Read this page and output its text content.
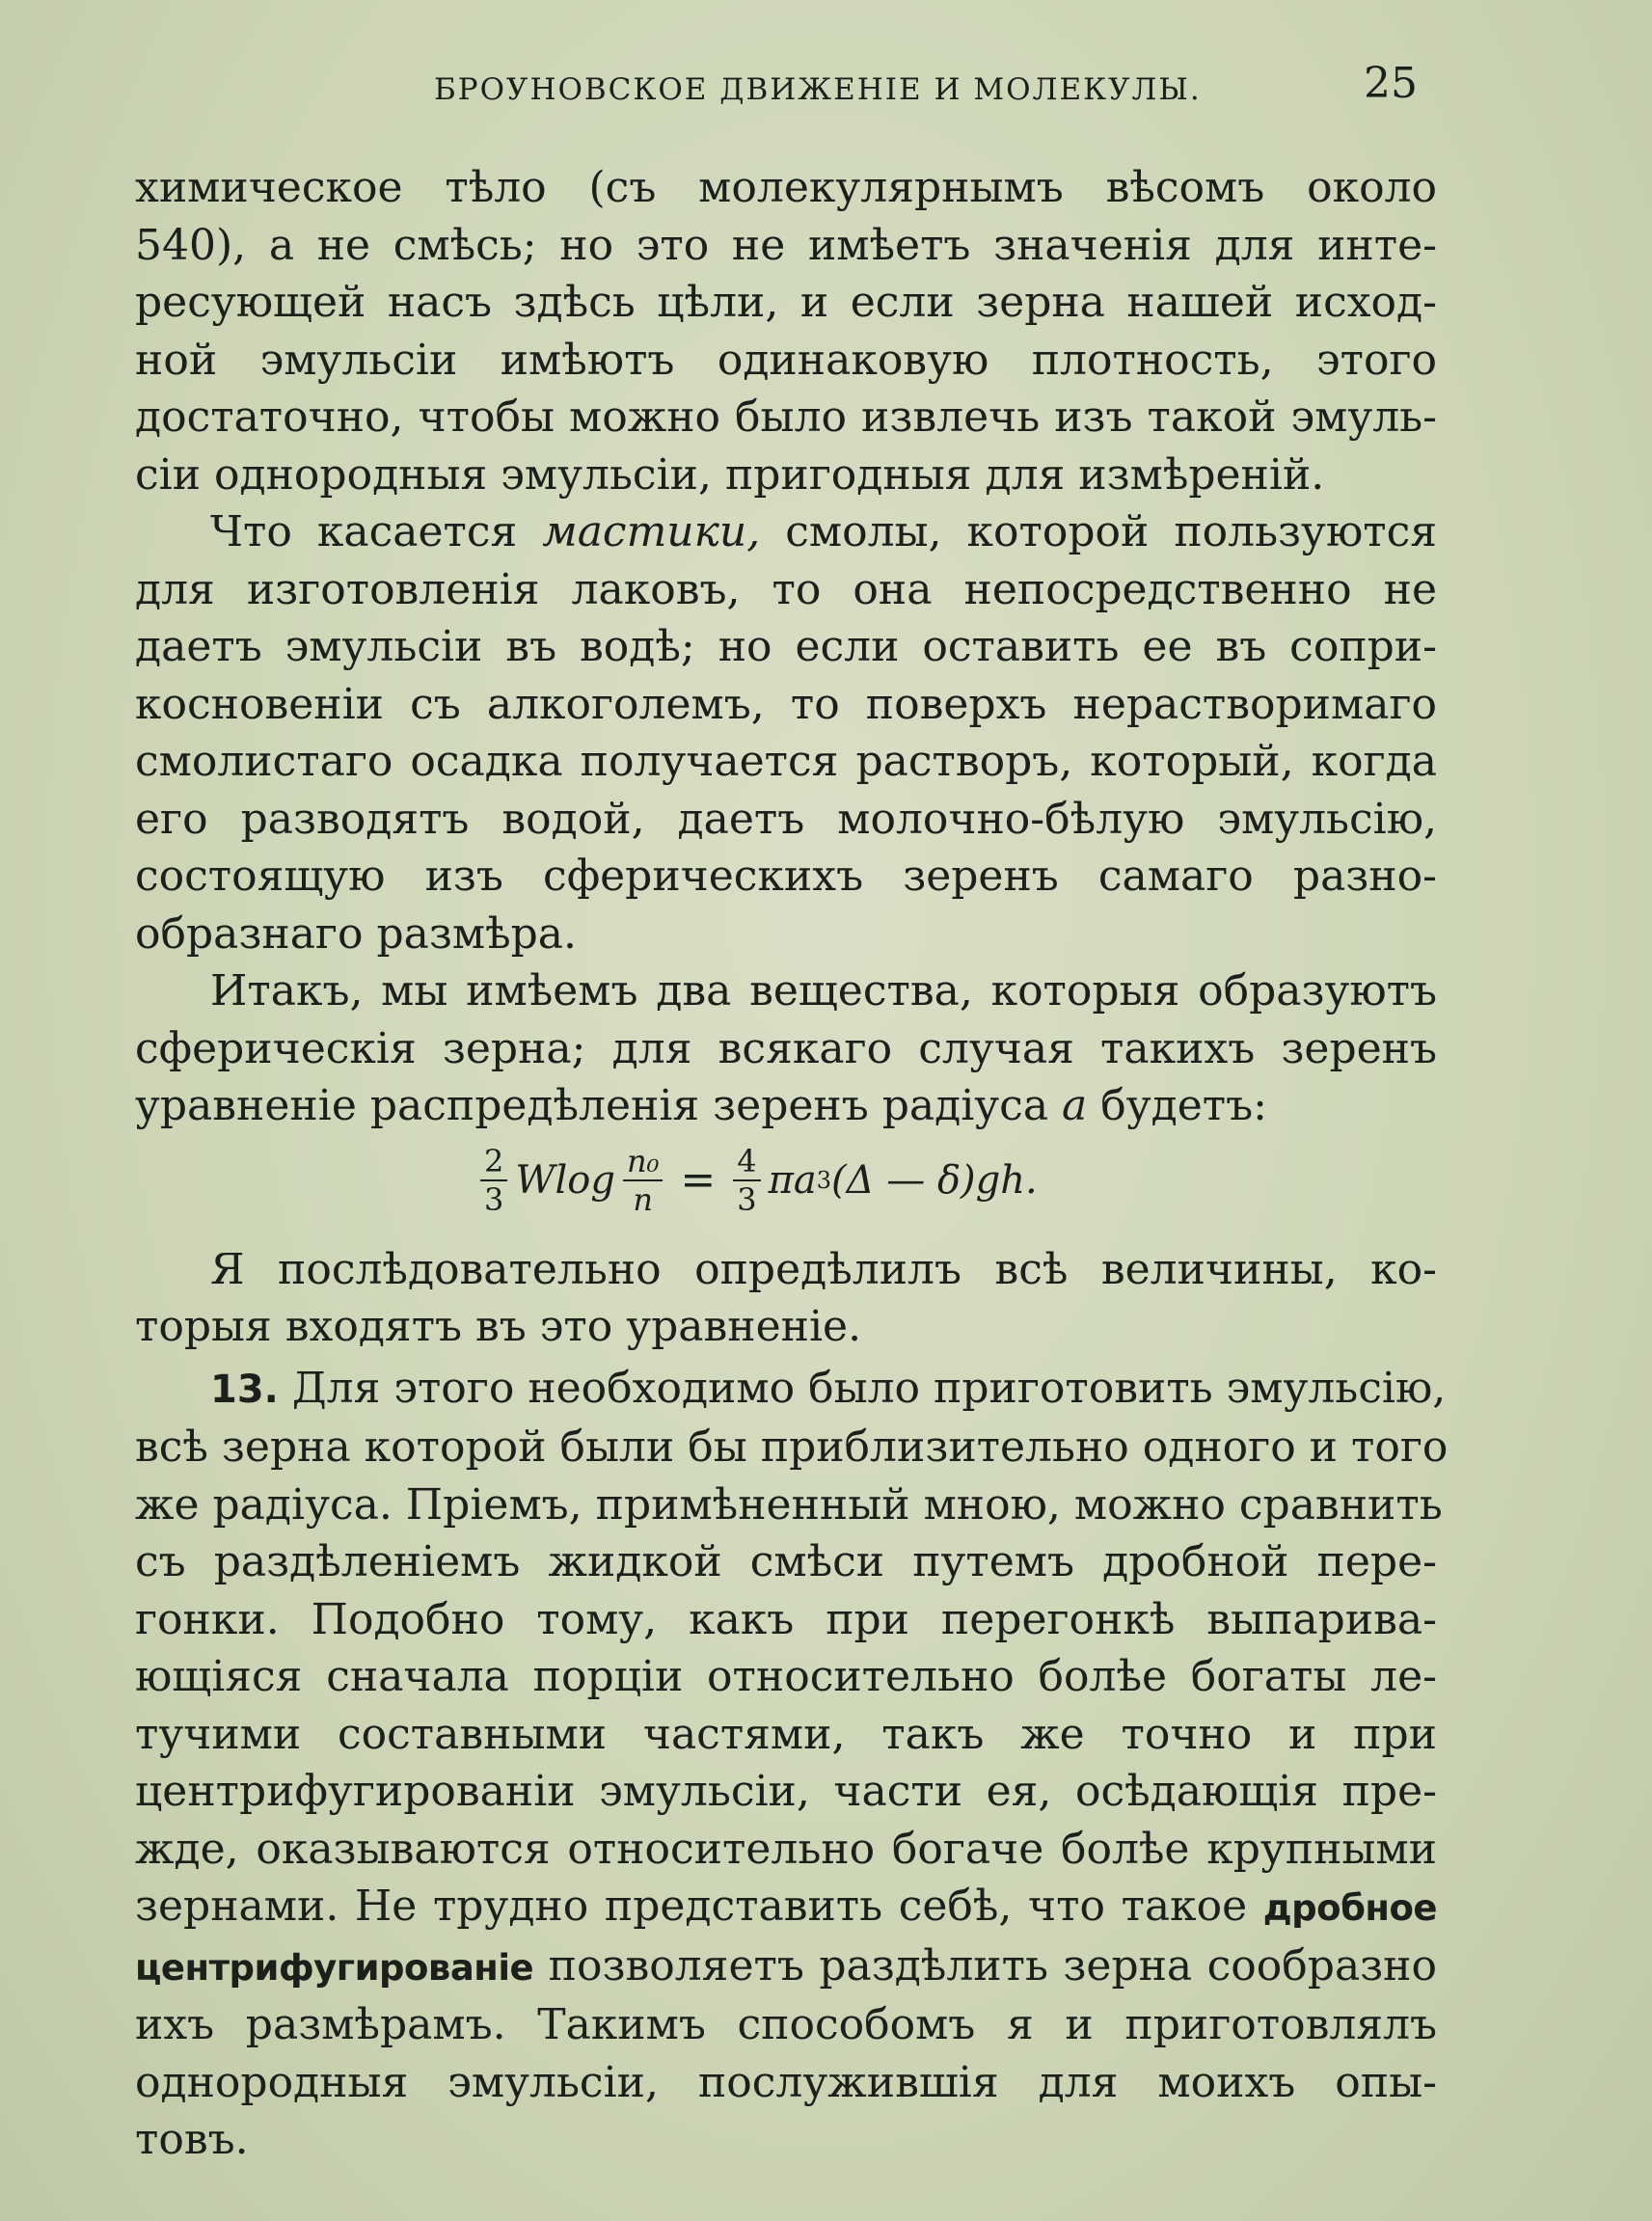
БРОУНОВСКОЕ ДВИЖЕНІЕ И МОЛЕКУЛЫ.	25
химическое тѣло (съ молекулярнымъ вѣсомъ около
540), а не смѣсь; но это не имѣетъ значенія для инте-
ресующей насъ здѣсь цѣли, и если зерна нашей исход-
ной эмульсіи имѣютъ одинаковую плотность, этого
достаточно, чтобы можно было извлечь изъ такой эмуль-
сіи однородныя эмульсіи, пригодныя для измѣреній.
Что касается мастики, смолы, которой пользуются
для изготовленія лаковъ, то она непосредственно не
даетъ эмульсіи въ водѣ; но если оставить ее въ сопри-
косновеніи съ алкоголемъ, то поверхъ нерастворимаго
смолистаго осадка получается растворъ, который, когда
его разводятъ водой, даетъ молочно-бѣлую эмульсію,
состоящую изъ сферическихъ зеренъ самаго разно-
образнаго размѣра.
Итакъ, мы имѣемъ два вещества, которыя образуютъ
сферическія зерна; для всякаго случая такихъ зеренъ
уравненіе распредѣленія зеренъ радіуса a будетъ:
$\frac{2}{3}$ Wlog $\frac{\text{n₀}}{n} = \frac{4}{3}$ πa 3 (Δ — δ)gh.
Я послѣдовательно опредѣлилъ всѣ величины, ко-
торыя входятъ въ это уравненіе.
13. Для этого необходимо было приготовить эмульсію,
всѣ зерна которой были бы приблизительно одного и того
же радіуса. Пріемъ, примѣненный мною, можно сравнить
съ раздѣленіемъ жидкой смѣси путемъ дробной пере-
гонки. Подобно тому, какъ при перегонкѣ выпарива-
ющіяся сначала порціи относительно болѣе богаты ле-
тучими составными частями, такъ же точно и при
центрифугированіи эмульсіи, части ея, осѣдающія пре-
жде, оказываются относительно богаче болѣе крупными
зернами. Не трудно представить себѣ, что такое дробное
центрифугированіе позволяетъ раздѣлить зерна сообразно
ихъ размѣрамъ. Такимъ способомъ я и приготовлялъ
однородныя эмульсіи, послужившія для моихъ опы-
товъ.
